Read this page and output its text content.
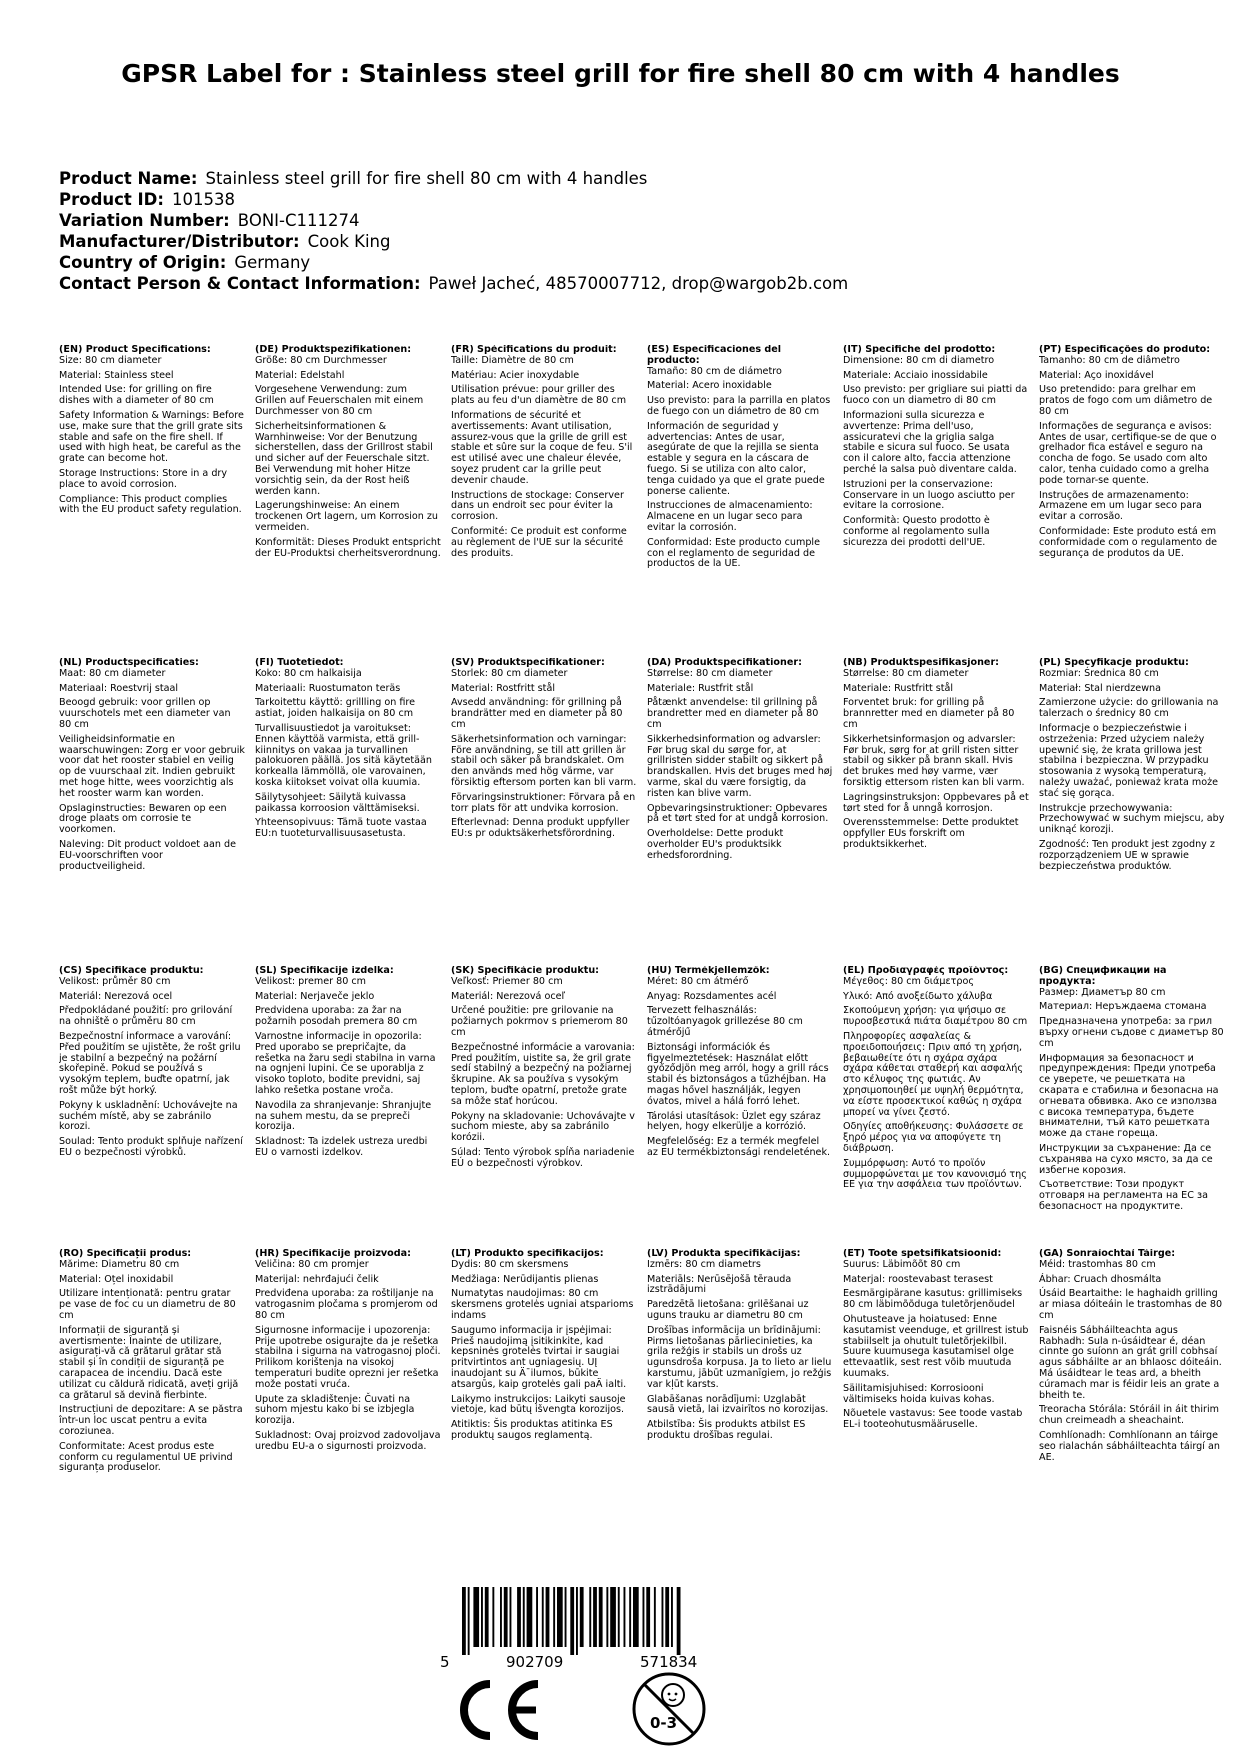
GPSR Label for : Stainless steel grill for fire shell 80 cm with 4 handles
Product Name: Stainless steel grill for fire shell 80 cm with 4 handles
Product ID: 101538
Variation Number: BONI-C111274
Manufacturer/Distributor: Cook King
Country of Origin: Germany
Contact Person & Contact Information: Paweł Jacheć, 48570007712, drop@wargob2b.com
(EN) Product Specifications:

Size: 80 cm diameter

Material: Stainless steel

Intended Use: for grilling on fire dishes with a diameter of 80 cm

Safety Information & Warnings: Before use, make sure that the grill grate sits stable and safe on the fire shell. If used with high heat, be careful as the grate can become hot.

Storage Instructions: Store in a dry place to avoid corrosion.

Compliance: This product complies with the EU product safety regulation.

(DE) Produktspezifikationen:

Größe: 80 cm Durchmesser

Material: Edelstahl

Vorgesehene Verwendung: zum Grillen auf Feuerschalen mit einem Durchmesser von 80 cm

Sicherheitsinformationen & Warnhinweise: Vor der Benutzung sicherstellen, dass der Grillrost stabil und sicher auf der Feuerschale sitzt. Bei Verwendung mit hoher Hitze vorsichtig sein, da der Rost heiß werden kann.

Lagerungshinweise: An einem trockenen Ort lagern, um Korrosion zu vermeiden.

Konformität: Dieses Produkt entspricht der EU-Produktsi cherheitsverordnung.

(FR) Spécifications du produit:

Taille: Diamètre de 80 cm

Matériau: Acier inoxydable

Utilisation prévue: pour griller des plats au feu d'un diamètre de 80 cm

Informations de sécurité et avertissements: Avant utilisation, assurez-vous que la grille de grill est stable et sûre sur la coque de feu. S'il est utilisé avec une chaleur élevée, soyez prudent car la grille peut devenir chaude.

Instructions de stockage: Conserver dans un endroit sec pour éviter la corrosion.

Conformité: Ce produit est conforme au règlement de l'UE sur la sécurité des produits.

(ES) Especificaciones del producto:

Tamaño: 80 cm de diámetro

Material: Acero inoxidable

Uso previsto: para la parrilla en platos de fuego con un diámetro de 80 cm

Información de seguridad y advertencias: Antes de usar, asegúrate de que la rejilla se sienta estable y segura en la cáscara de fuego. Si se utiliza con alto calor, tenga cuidado ya que el grate puede ponerse caliente.

Instrucciones de almacenamiento: Almacene en un lugar seco para evitar la corrosión.

Conformidad: Este producto cumple con el reglamento de seguridad de productos de la UE.

(IT) Specifiche del prodotto:

Dimensione: 80 cm di diametro

Materiale: Acciaio inossidabile

Uso previsto: per grigliare sui piatti da fuoco con un diametro di 80 cm

Informazioni sulla sicurezza e avvertenze: Prima dell'uso, assicuratevi che la griglia salga stabile e sicura sul fuoco. Se usata con il calore alto, faccia attenzione perché la salsa può diventare calda.

Istruzioni per la conservazione: Conservare in un luogo asciutto per evitare la corrosione.

Conformità: Questo prodotto è conforme al regolamento sulla sicurezza dei prodotti dell'UE.

(PT) Especificações do produto:

Tamanho: 80 cm de diâmetro

Material: Aço inoxidável

Uso pretendido: para grelhar em pratos de fogo com um diâmetro de 80 cm

Informações de segurança e avisos: Antes de usar, certifique-se de que o grelhador fica estável e seguro na concha de fogo. Se usado com alto calor, tenha cuidado como a grelha pode tornar-se quente.

Instruções de armazenamento: Armazene em um lugar seco para evitar a corrosão.

Conformidade: Este produto está em conformidade com o regulamento de segurança de produtos da UE.

(NL) Productspecificaties:

Maat: 80 cm diameter

Materiaal: Roestvrij staal

Beoogd gebruik: voor grillen op vuurschotels met een diameter van 80 cm

Veiligheidsinformatie en waarschuwingen: Zorg er voor gebruik voor dat het rooster stabiel en veilig op de vuurschaal zit. Indien gebruikt met hoge hitte, wees voorzichtig als het rooster warm kan worden.

Opslaginstructies: Bewaren op een droge plaats om corrosie te voorkomen.

Naleving: Dit product voldoet aan de EU-voorschriften voor productveiligheid.

(FI) Tuotetiedot:

Koko: 80 cm halkaisija

Materiaali: Ruostumaton teräs

Tarkoitettu käyttö: grillling on fire astiat, joiden halkaisija on 80 cm

Turvallisuustiedot ja varoitukset: Ennen käyttöä varmista, että grill-kiinnitys on vakaa ja turvallinen palokuoren päällä. Jos sitä käytetään korkealla lämmöllä, ole varovainen, koska kiitokset voivat olla kuumia.

Säilytysohjeet: Säilytä kuivassa paikassa korroosion välttämiseksi.

Yhteensopivuus: Tämä tuote vastaa EU:n tuoteturvallisuusasetusta.

(SV) Produktspecifikationer:

Storlek: 80 cm diameter

Material: Rostfritt stål

Avsedd användning: för grillning på brandrätter med en diameter på 80 cm

Säkerhetsinformation och varningar: Före användning, se till att grillen är stabil och säker på brandskalet. Om den används med hög värme, var försiktig eftersom porten kan bli varm.

Förvaringsinstruktioner: Förvara på en torr plats för att undvika korrosion.

Efterlevnad: Denna produkt uppfyller EU:s pr oduktsäkerhetsförordning.

(DA) Produktspecifikationer:

Størrelse: 80 cm diameter

Materiale: Rustfrit stål

Påtænkt anvendelse: til grillning på brandretter med en diameter på 80 cm

Sikkerhedsinformation og advarsler: Før brug skal du sørge for, at grillristen sidder stabilt og sikkert på brandskallen. Hvis det bruges med høj varme, skal du være forsigtig, da risten kan blive varm.

Opbevaringsinstruktioner: Opbevares på et tørt sted for at undgå korrosion.

Overholdelse: Dette produkt overholder EU's produktsikk erhedsforordning.

(NB) Produktspesifikasjoner:

Størrelse: 80 cm diameter

Materiale: Rustfritt stål

Forventet bruk: for grilling på brannretter med en diameter på 80 cm

Sikkerhetsinformasjon og advarsler: Før bruk, sørg for at grill risten sitter stabil og sikker på brann skall. Hvis det brukes med høy varme, vær forsiktig ettersom risten kan bli varm.

Lagringsinstruksjon: Oppbevares på et tørt sted for å unngå korrosjon.

Overensstemmelse: Dette produktet oppfyller EUs forskrift om produktsikkerhet.

(PL) Specyfikacje produktu:

Rozmiar: Średnica 80 cm

Materiał: Stal nierdzewna

Zamierzone użycie: do grillowania na talerzach o średnicy 80 cm

Informacje o bezpieczeństwie i ostrzeżenia: Przed użyciem należy upewnić się, że krata grillowa jest stabilna i bezpieczna. W przypadku stosowania z wysoką temperaturą, należy uważać, ponieważ krata może stać się gorąca.

Instrukcje przechowywania: Przechowywać w suchym miejscu, aby uniknąć korozji.

Zgodność: Ten produkt jest zgodny z rozporządzeniem UE w sprawie bezpieczeństwa produktów.

(CS) Specifikace produktu:

Velikost: průměr 80 cm

Materiál: Nerezová ocel

Předpokládané použití: pro grilování na ohniště o průměru 80 cm

Bezpečnostní informace a varování: Před použitím se ujistěte, že rošt grilu je stabilní a bezpečný na požární skořepině. Pokud se používá s vysokým teplem, buďte opatrní, jak rošt může být horký.

Pokyny k uskladnění: Uchovávejte na suchém místě, aby se zabránilo korozi.

Soulad: Tento produkt splňuje nařízení EU o bezpečnosti výrobků.

(SL) Specifikacije izdelka:

Velikost: premer 80 cm

Material: Nerjaveče jeklo

Predvidena uporaba: za žar na požarnih posodah premera 80 cm

Varnostne informacije in opozorila: Pred uporabo se prepričajte, da rešetka na žaru sedi stabilna in varna na ognjeni lupini. Če se uporablja z visoko toploto, bodite previdni, saj lahko rešetka postane vroča.

Navodila za shranjevanje: Shranjujte na suhem mestu, da se prepreči korozija.

Skladnost: Ta izdelek ustreza uredbi EU o varnosti izdelkov.

(SK) Špecifikácie produktu:

Veľkosť: Priemer 80 cm

Materiál: Nerezová oceľ

Určené použitie: pre grilovanie na požiarnych pokrmov s priemerom 80 cm

Bezpečnostné informácie a varovania: Pred použitím, uistite sa, že gril grate sedí stabilný a bezpečný na požiarnej škrupine. Ak sa používa s vysokým teplom, buďte opatrní, pretože grate sa môže stať horúcou.

Pokyny na skladovanie: Uchovávajte v suchom mieste, aby sa zabránilo korózii.

Súlad: Tento výrobok spĺňa nariadenie EÚ o bezpečnosti výrobkov.

(HU) Termékjellemzők:

Méret: 80 cm átmérő

Anyag: Rozsdamentes acél

Tervezett felhasználás: tűzoltóanyagok grillezése 80 cm átmérőjű

Biztonsági információk és figyelmeztetések: Használat előtt győződjön meg arról, hogy a grill rács stabil és biztonságos a tűzhéjban. Ha magas hővel használják, legyen óvatos, mivel a hálá forró lehet.

Tárolási utasítások: Üzlet egy száraz helyen, hogy elkerülje a korrózió.

Megfelelőség: Ez a termék megfelel az EU termékbiztonsági rendeletének.

(EL) Προδιαγραφές προϊόντος:

Μέγεθος: 80 cm διάμετρος

Υλικό: Από ανοξείδωτο χάλυβα

Σκοπούμενη χρήση: για ψήσιμο σε πυροσβεστικά πιάτα διαμέτρου 80 cm

Πληροφορίες ασφαλείας & προειδοποιήσεις: Πριν από τη χρήση, βεβαιωθείτε ότι η σχάρα σχάρα σχάρα κάθεται σταθερή και ασφαλής στο κέλυφος της φωτιάς. Αν χρησιμοποιηθεί με υψηλή θερμότητα, να είστε προσεκτικοί καθώς η σχάρα μπορεί να γίνει ζεστό.

Οδηγίες αποθήκευσης: Φυλάσσετε σε ξηρό μέρος για να αποφύγετε τη διάβρωση.

Συμμόρφωση: Αυτό το προϊόν συμμορφώνεται με τον κανονισμό της ΕΕ για την ασφάλεια των προϊόντων.

(BG) Спецификации на продукта:

Размер: Диаметър 80 cm

Материал: Неръждаема стомана

Предназначена употреба: за грил върху огнени съдове с диаметър 80 cm

Информация за безопасност и предупреждения: Преди употреба се уверете, че решетката на скарата е стабилна и безопасна на огневата обвивка. Ако се използва с висока температура, бъдете внимателни, тъй като решетката може да стане гореща.

Инструкции за съхранение: Да се съхранява на сухо място, за да се избегне корозия.

Съответствие: Този продукт отговаря на регламента на ЕС за безопасност на продуктите.

(RO) Specificații produs:

Mărime: Diametru 80 cm

Material: Oțel inoxidabil

Utilizare intenționată: pentru gratar pe vase de foc cu un diametru de 80 cm

Informații de siguranță și avertismente: Înainte de utilizare, asigurați-vă că grătarul grătar stă stabil și în condiții de siguranță pe carapacea de incendiu. Dacă este utilizat cu căldură ridicată, aveți grijă ca grătarul să devină fierbinte.

Instrucțiuni de depozitare: A se păstra într-un loc uscat pentru a evita coroziunea.

Conformitate: Acest produs este conform cu regulamentul UE privind siguranța produselor.

(HR) Specifikacije proizvoda:

Veličina: 80 cm promjer

Materijal: nehrđajući čelik

Predviđena uporaba: za roštiljanje na vatrogasnim pločama s promjerom od 80 cm

Sigurnosne informacije i upozorenja: Prije upotrebe osigurajte da je rešetka stabilna i sigurna na vatrogasnoj ploči. Prilikom korištenja na visokoj temperaturi budite oprezni jer rešetka može postati vruća.

Upute za skladištenje: Čuvati na suhom mjestu kako bi se izbjegla korozija.

Sukladnost: Ovaj proizvod zadovoljava uredbu EU-a o sigurnosti proizvoda.

(LT) Produkto specifikacijos:

Dydis: 80 cm skersmens

Medžiaga: Nerūdijantis plienas

Numatytas naudojimas: 80 cm skersmens grotelės ugniai atsparioms indams

Saugumo informacija ir įspėjimai: Prieš naudojimą įsitikinkite, kad kepsninės grotelės tvirtai ir saugiai pritvirtintos ant ugniagesių. UĮ inaudojant su Ä¯ilumos, būkite atsargūs, kaip grotelės gali paÄ ialti.

Laikymo instrukcijos: Laikyti sausoje vietoje, kad būtų išvengta korozijos.

Atitiktis: Šis produktas atitinka ES produktų saugos reglamentą.

(LV) Produkta specifikācijas:

Izmērs: 80 cm diametrs

Materiāls: Nerūsējošā tērauda izstrādājumi

Paredzētā lietošana: grilēšanai uz uguns trauku ar diametru 80 cm

Drošības informācija un brīdinājumi: Pirms lietošanas pārliecinieties, ka grila režģis ir stabils un drošs uz ugunsdroša korpusa. Ja to lieto ar lielu karstumu, jābūt uzmanīgiem, jo režģis var kļūt karsts.

Glabāšanas norādījumi: Uzglabāt sausā vietā, lai izvairītos no korozijas.

Atbilstība: Šis produkts atbilst ES produktu drošības regulai.

(ET) Toote spetsifikatsioonid:

Suurus: Läbimõõt 80 cm

Materjal: roostevabast terasest

Eesmärgipärane kasutus: grillimiseks 80 cm läbimõõduga tuletõrjenõudel

Ohutusteave ja hoiatused: Enne kasutamist veenduge, et grillrest istub stabiilselt ja ohutult tuletõrjekilbil. Suure kuumusega kasutamisel olge ettevaatlik, sest rest võib muutuda kuumaks.

Säilitamisjuhised: Korrosiooni vältimiseks hoida kuivas kohas.

Nõuetele vastavus: See toode vastab EL-i tooteohutusmääruselle.

(GA) Sonraíochtaí Táirge:

Méid: trastomhas 80 cm

Ábhar: Cruach dhosmálta

Úsáid Beartaithe: le haghaidh grilling ar miasa dóiteáin le trastomhas de 80 cm

Faisnéis Sábháilteachta agus Rabhadh: Sula n-úsáidtear é, déan cinnte go suíonn an grát grill cobhsaí agus sábháilte ar an bhlaosc dóiteáin. Má úsáidtear le teas ard, a bheith cúramach mar is féidir leis an grate a bheith te.

Treoracha Stórála: Stóráil in áit thirim chun creimeadh a sheachaint.

Comhlíonadh: Comhlíonann an táirge seo rialachán sábháilteachta táirgí an AE.

5	902709	571834
0-3
